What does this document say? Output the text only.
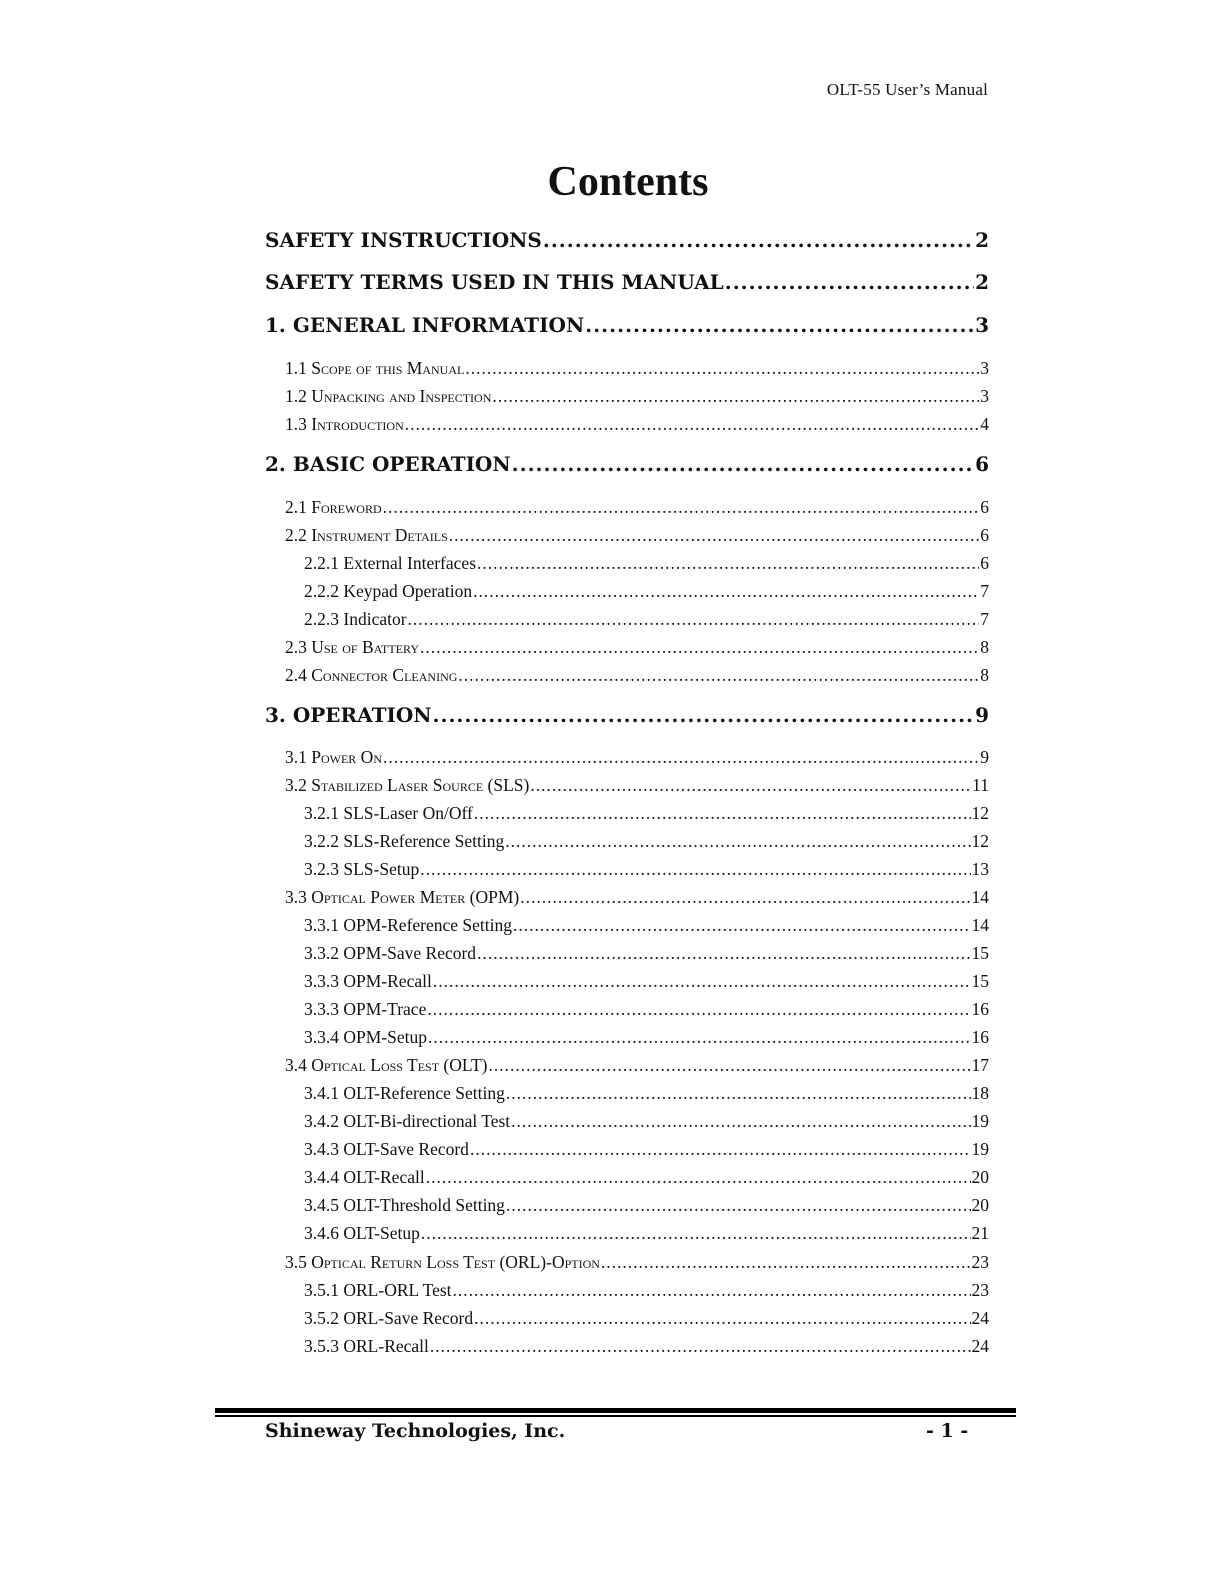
OLT-55 User’s Manual
Contents
SAFETY INSTRUCTIONS .....	2
SAFETY TERMS USED IN THIS MANUAL .....	2
1. GENERAL INFORMATION .....	3
1.1 Scope of this Manual .....	3
1.2 Unpacking and Inspection .....	3
1.3 Introduction .....	4
2. BASIC OPERATION .....	6
2.1 Foreword .....	6
2.2 Instrument Details .....	6
2.2.1 External Interfaces .....	6
2.2.2 Keypad Operation .....	7
2.2.3 Indicator .....	7
2.3 Use of Battery .....	8
2.4 Connector Cleaning .....	8
3. OPERATION .....	9
3.1 Power On .....	9
3.2 Stabilized Laser Source (SLS) .....	11
3.2.1 SLS-Laser On/Off .....	12
3.2.2 SLS-Reference Setting .....	12
3.2.3 SLS-Setup .....	13
3.3 Optical Power Meter (OPM) .....	14
3.3.1 OPM-Reference Setting .....	14
3.3.2 OPM-Save Record .....	15
3.3.3 OPM-Recall .....	15
3.3.3 OPM-Trace .....	16
3.3.4 OPM-Setup .....	16
3.4 Optical Loss Test (OLT) .....	17
3.4.1 OLT-Reference Setting .....	18
3.4.2 OLT-Bi-directional Test .....	19
3.4.3 OLT-Save Record .....	19
3.4.4 OLT-Recall .....	20
3.4.5 OLT-Threshold Setting .....	20
3.4.6 OLT-Setup .....	21
3.5 Optical Return Loss Test (ORL)-Option .....	23
3.5.1 ORL-ORL Test .....	23
3.5.2 ORL-Save Record .....	24
3.5.3 ORL-Recall .....	24
Shineway Technologies, Inc.	- 1 -
